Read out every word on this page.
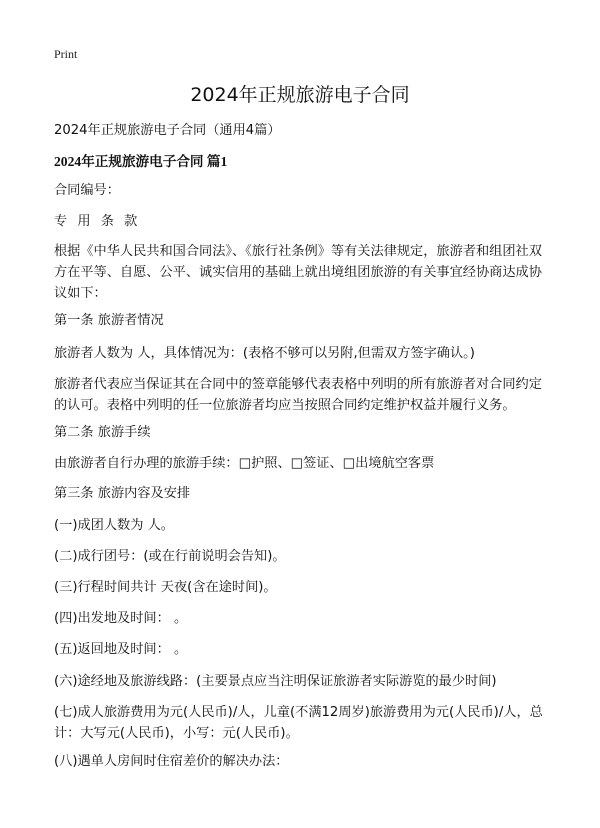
Print
2024年正规旅游电子合同
2024年正规旅游电子合同（通用4篇）
2024年正规旅游电子合同 篇1
合同编号：
专 用 条 款
根据《中华人民共和国合同法》、《旅行社条例》等有关法律规定，旅游者和组团社双方在平等、自愿、公平、诚实信用的基础上就出境组团旅游的有关事宜经协商达成协议如下：
第一条 旅游者情况
旅游者人数为 人，具体情况为：(表格不够可以另附,但需双方签字确认。)
旅游者代表应当保证其在合同中的签章能够代表表格中列明的所有旅游者对合同约定的认可。表格中列明的任一位旅游者均应当按照合同约定维护权益并履行义务。
第二条 旅游手续
由旅游者自行办理的旅游手续：□护照、□签证、□出境航空客票
第三条 旅游内容及安排
(一)成团人数为 人。
(二)成行团号：(或在行前说明会告知)。
(三)行程时间共计 天夜(含在途时间)。
(四)出发地及时间： 。
(五)返回地及时间： 。
(六)途经地及旅游线路：(主要景点应当注明保证旅游者实际游览的最少时间)
(七)成人旅游费用为元(人民币)/人，儿童(不满12周岁)旅游费用为元(人民币)/人，总计：大写元(人民币)，小写：元(人民币)。
(八)遇单人房间时住宿差价的解决办法：
